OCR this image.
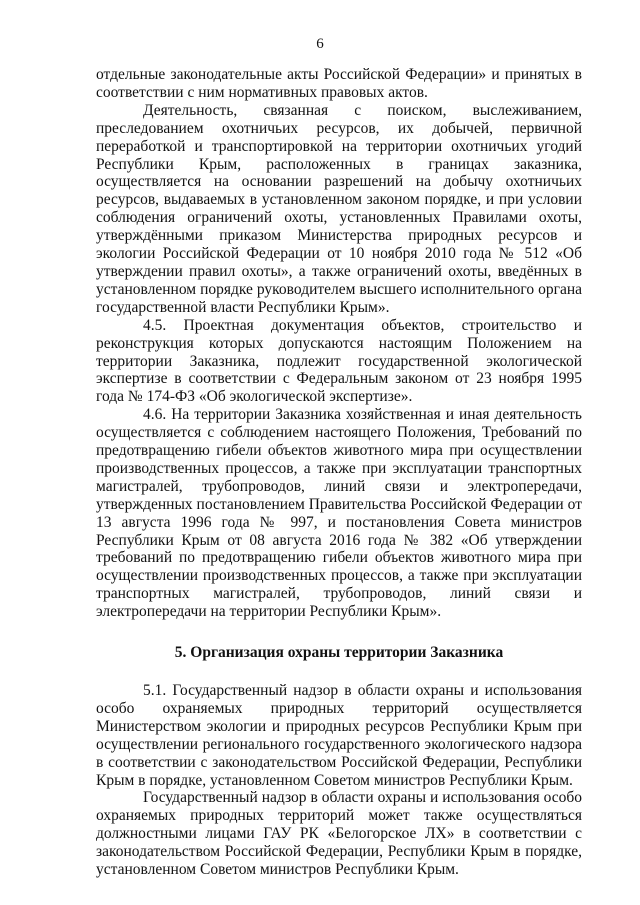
6

отдельные законодательные акты Российской Федерации» и принятых в соответствии с ним нормативных правовых актов.

Деятельность, связанная с поиском, выслеживанием, преследованием охотничьих ресурсов, их добычей, первичной переработкой и транспортировкой на территории охотничьих угодий Республики Крым, расположенных в границах заказника, осуществляется на основании разрешений на добычу охотничьих ресурсов, выдаваемых в установленном законом порядке, и при условии соблюдения ограничений охоты, установленных Правилами охоты, утверждёнными приказом Министерства природных ресурсов и экологии Российской Федерации от 10 ноября 2010 года № 512 «Об утверждении правил охоты», а также ограничений охоты, введённых в установленном порядке руководителем высшего исполнительного органа государственной власти Республики Крым».

4.5. Проектная документация объектов, строительство и реконструкция которых допускаются настоящим Положением на территории Заказника, подлежит государственной экологической экспертизе в соответствии с Федеральным законом от 23 ноября 1995 года № 174-ФЗ «Об экологической экспертизе».

4.6. На территории Заказника хозяйственная и иная деятельность осуществляется с соблюдением настоящего Положения, Требований по предотвращению гибели объектов животного мира при осуществлении производственных процессов, а также при эксплуатации транспортных магистралей, трубопроводов, линий связи и электропередачи, утвержденных постановлением Правительства Российской Федерации от 13 августа 1996 года № 997, и постановления Совета министров Республики Крым от 08 августа 2016 года № 382 «Об утверждении требований по предотвращению гибели объектов животного мира при осуществлении производственных процессов, а также при эксплуатации транспортных магистралей, трубопроводов, линий связи и электропередачи на территории Республики Крым».

5. Организация охраны территории Заказника

5.1. Государственный надзор в области охраны и использования особо охраняемых природных территорий осуществляется Министерством экологии и природных ресурсов Республики Крым при осуществлении регионального государственного экологического надзора в соответствии с законодательством Российской Федерации, Республики Крым в порядке, установленном Советом министров Республики Крым.

Государственный надзор в области охраны и использования особо охраняемых природных территорий может также осуществляться должностными лицами ГАУ РК «Белогорское ЛХ» в соответствии с законодательством Российской Федерации, Республики Крым в порядке, установленном Советом министров Республики Крым.
